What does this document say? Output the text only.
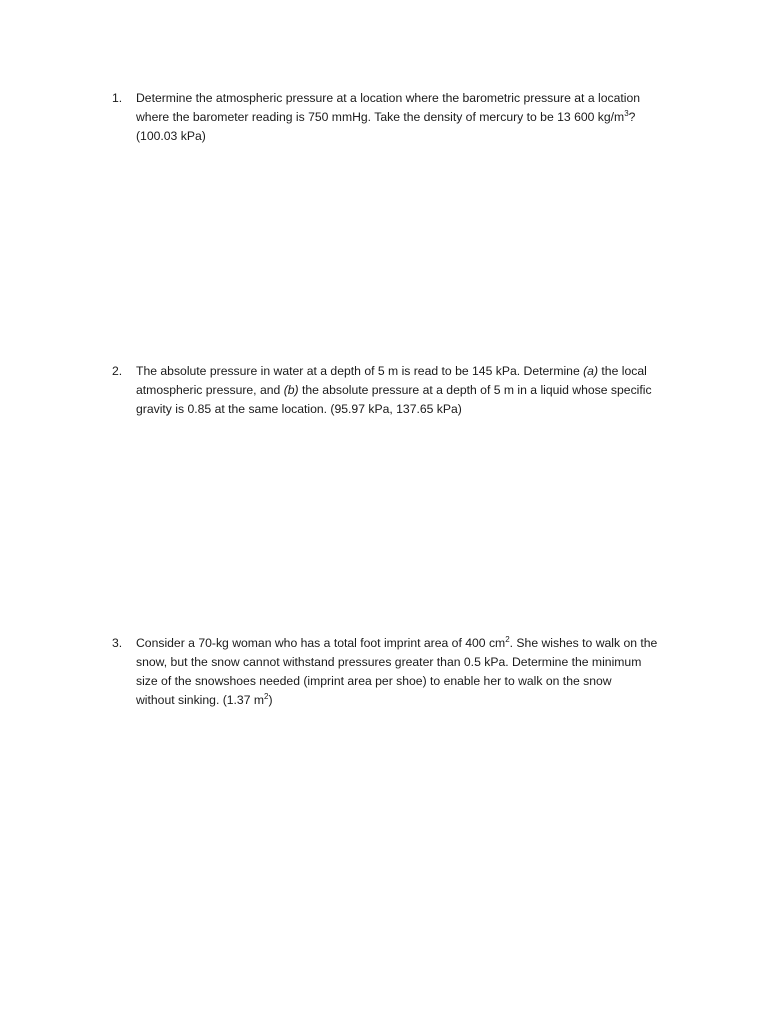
1.	Determine the atmospheric pressure at a location where the barometric pressure at a location
where the barometer reading is 750 mmHg. Take the density of mercury to be 13 600 $kg/m^3$?
(100.03 kPa)
2.	The absolute pressure in water at a depth of 5 m is read to be 145 kPa. Determine (a) the local
atmospheric pressure, and (b) the absolute pressure at a depth of 5 m in a liquid whose specific
gravity is 0.85 at the same location. (95.97 kPa, 137.65 kPa)
3.	Consider a 70-kg woman who has a total foot imprint area of 400 $cm^2$. She wishes to walk on the
snow, but the snow cannot withstand pressures greater than 0.5 kPa. Determine the minimum
size of the snowshoes needed (imprint area per shoe) to enable her to walk on the snow
without sinking. (1.37 $m^2$)
